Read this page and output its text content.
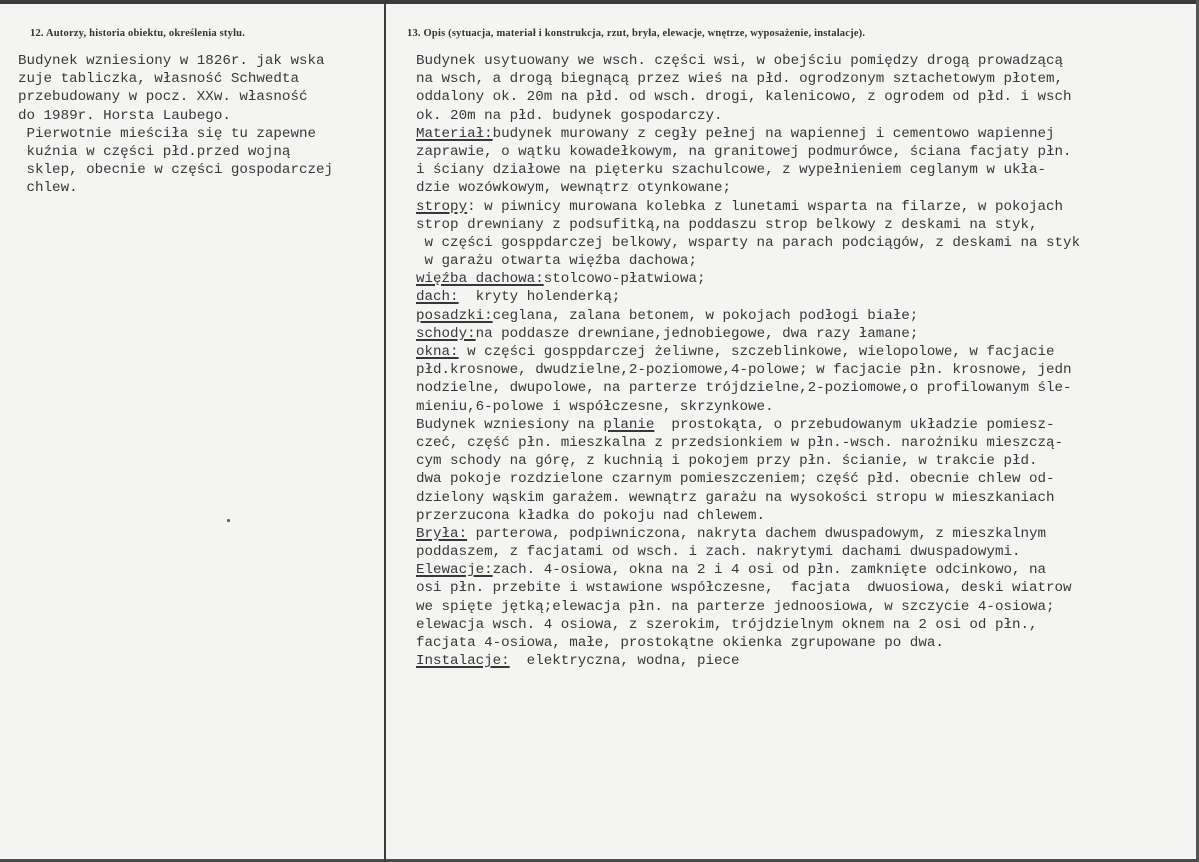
12. Autorzy, historia obiektu, określenia stylu.	13. Opis (sytuacja, materiał i konstrukcja, rzut, bryła, elewacje, wnętrze, wyposażenie, instalacje).
Budynek wzniesiony w 1826r. jak wska
zuje tabliczka, własność Schwedta
przebudowany w pocz. XXw. własność
do 1989r. Horsta Laubego.
Pierwotnie mieściła się tu zapewne
kuźnia w części płd.przed wojną
sklep, obecnie w części gospodarczej
chlew.
Budynek usytuowany we wsch. części wsi, w obejściu pomiędzy drogą prowadzącą
na wsch, a drogą biegnącą przez wieś na płd. ogrodzonym sztachetowym płotem,
oddalony ok. 20m na płd. od wsch. drogi, kalenicowo, z ogrodem od płd. i wsch
ok. 20m na płd. budynek gospodarczy.
Materiał:budynek murowany z cegły pełnej na wapiennej i cementowo wapiennej
zaprawie, o wątku kowadełkowym, na granitowej podmurówce, ściana facjaty płn.
i ściany działowe na pięterku szachulcowe, z wypełnieniem ceglanym w ukła-
dzie wozówkowym, wewnątrz otynkowane;
stropy: w piwnicy murowana kolebka z lunetami wsparta na filarze, w pokojach
strop drewniany z podsufitką,na poddaszu strop belkowy z deskami na styk,
w części gosppdarczej belkowy, wsparty na parach podciągów, z deskami na styk
w garażu otwarta więźba dachowa;
więźba dachowa:stolcowo-płatwiowa;
dach:  kryty holenderką;
posadzki:ceglana, zalana betonem, w pokojach podłogi białe;
schody:na poddasze drewniane,jednobiegowe, dwa razy łamane;
okna: w części gosppdarczej żeliwne, szczeblinkowe, wielopolowe, w facjacie
płd.krosnowe, dwudzielne,2-poziomowe,4-polowe; w facjacie płn. krosnowe, jedn
nodzielne, dwupolowe, na parterze trójdzielne,2-poziomowe,o profilowanym śle-
mieniu,6-polowe i współczesne, skrzynkowe.
Budynek wzniesiony na planie  prostokąta, o przebudowanym układzie pomiesz-
czeć, część płn. mieszkalna z przedsionkiem w płn.-wsch. narożniku mieszczą-
cym schody na górę, z kuchnią i pokojem przy płn. ścianie, w trakcie płd.
dwa pokoje rozdzielone czarnym pomieszczeniem; część płd. obecnie chlew od-
dzielony wąskim garażem. wewnątrz garażu na wysokości stropu w mieszkaniach
przerzucona kładka do pokoju nad chlewem.
Bryła: parterowa, podpiwniczona, nakryta dachem dwuspadowym, z mieszkalnym
poddaszem, z facjatami od wsch. i zach. nakrytymi dachami dwuspadowymi.
Elewacje:zach. 4-osiowa, okna na 2 i 4 osi od płn. zamknięte odcinkowo, na
osi płn. przebite i wstawione współczesne,  facjata  dwuosiowa, deski wiatrow
we spięte jętką;elewacja płn. na parterze jednoosiowa, w szczycie 4-osiowa;
elewacja wsch. 4 osiowa, z szerokim, trójdzielnym oknem na 2 osi od płn.,
facjata 4-osiowa, małe, prostokątne okienka zgrupowane po dwa.
Instalacje:  elektryczna, wodna, piece
